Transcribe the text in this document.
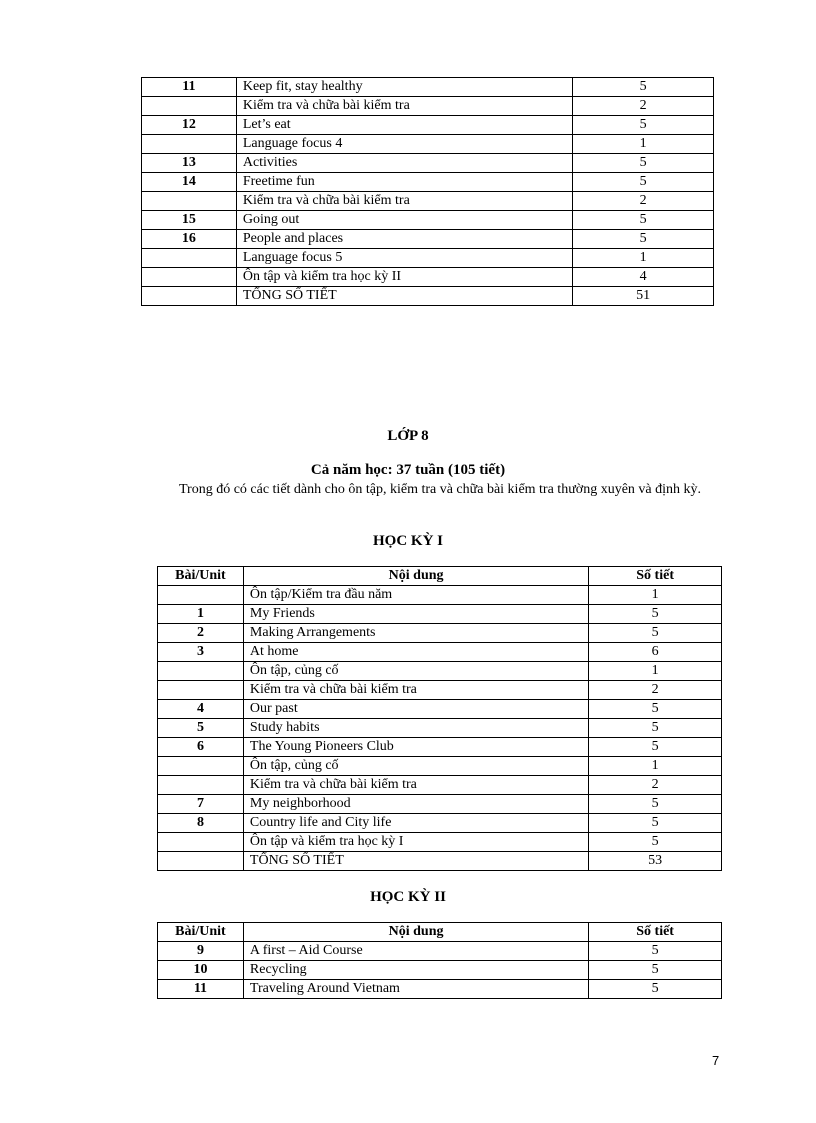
11	Keep fit, stay healthy	5
	Kiểm tra và chữa bài kiểm tra	2
12	Let’s eat	5
	Language focus 4	1
13	Activities	5
14	Freetime fun	5
	Kiểm tra và chữa bài kiểm tra	2
15	Going out	5
16	People and places	5
	Language focus 5	1
	Ôn tập và kiểm tra học kỳ II	4
	TỔNG SỐ TIẾT	51
LỚP 8
Cả năm học: 37 tuần (105 tiết)
Trong đó có các tiết dành cho ôn tập, kiểm tra và chữa bài kiểm tra thường xuyên và định kỳ.
HỌC KỲ I
Bài/Unit	Nội dung	Số tiết
	Ôn tập/Kiểm tra đầu năm	1
1	My Friends	5
2	Making Arrangements	5
3	At home	6
	Ôn tập, củng cố	1
	Kiểm tra và chữa bài kiểm tra	2
4	Our past	5
5	Study habits	5
6	The Young Pioneers Club	5
	Ôn tập, củng cố	1
	Kiểm tra và chữa bài kiểm tra	2
7	My neighborhood	5
8	Country life and City life	5
	Ôn tập và kiểm tra học kỳ I	5
	TỔNG SỐ TIẾT	53
HỌC KỲ II
Bài/Unit	Nội dung	Số tiết
9	A first – Aid Course	5
10	Recycling	5
11	Traveling Around Vietnam	5
7
